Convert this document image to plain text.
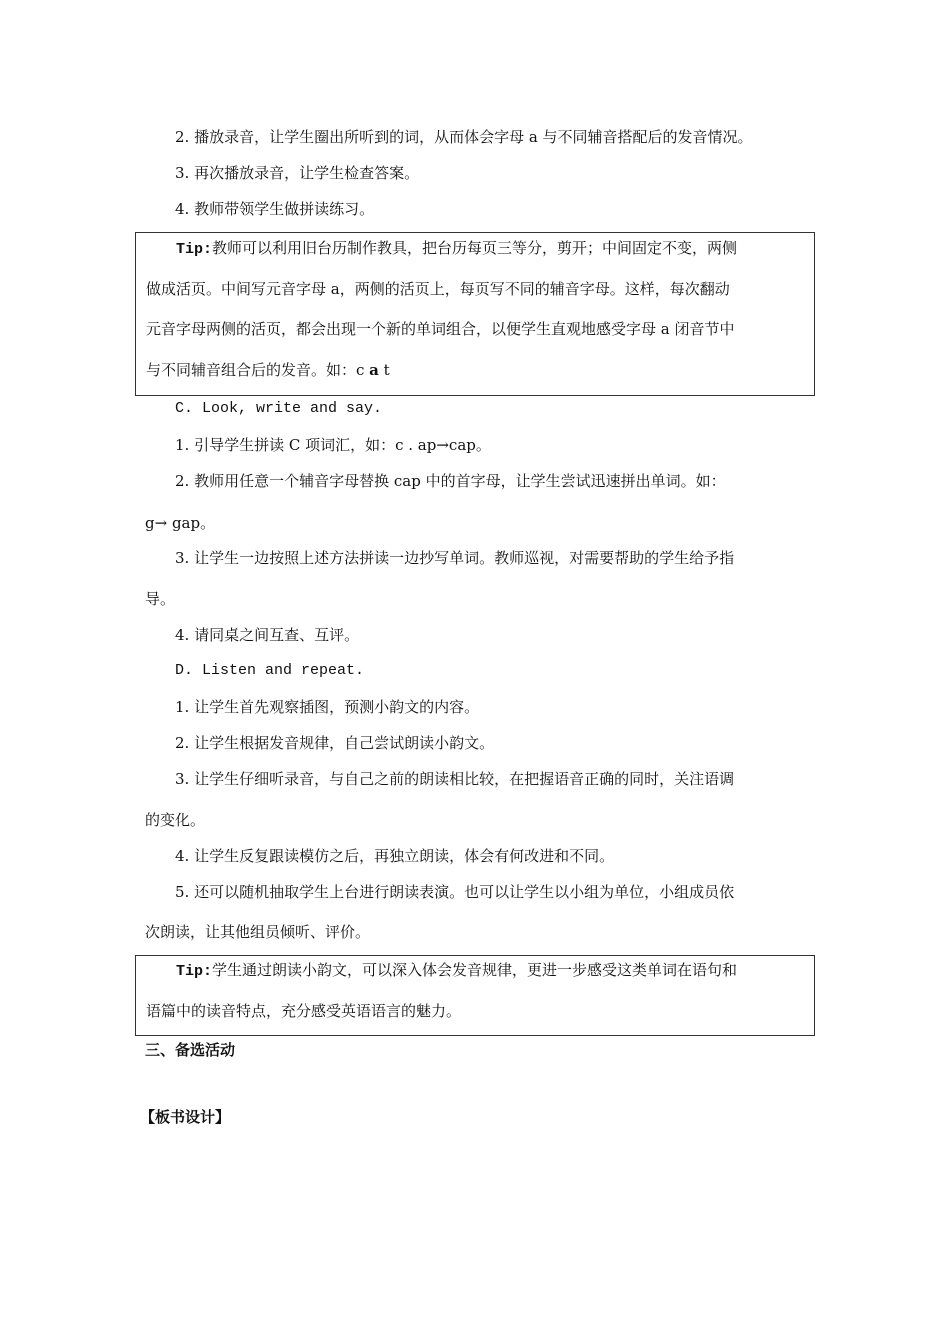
2. 播放录音，让学生圈出所听到的词，从而体会字母 a 与不同辅音搭配后的发音情况。
3. 再次播放录音，让学生检查答案。
4. 教师带领学生做拼读练习。
Tip:教师可以利用旧台历制作教具，把台历每页三等分，剪开；中间固定不变，两侧
做成活页。中间写元音字母 a，两侧的活页上，每页写不同的辅音字母。这样，每次翻动
元音字母两侧的活页，都会出现一个新的单词组合，以便学生直观地感受字母 a 闭音节中
与不同辅音组合后的发音。如：c a t
C. Look, write and say.
1. 引导学生拼读 C 项词汇，如：c . ap→cap。
2. 教师用任意一个辅音字母替换 cap 中的首字母，让学生尝试迅速拼出单词。如：
g→ gap。
3. 让学生一边按照上述方法拼读一边抄写单词。教师巡视，对需要帮助的学生给予指
导。
4. 请同桌之间互查、互评。
D. Listen and repeat.
1. 让学生首先观察插图，预测小韵文的内容。
2. 让学生根据发音规律，自己尝试朗读小韵文。
3. 让学生仔细听录音，与自己之前的朗读相比较，在把握语音正确的同时，关注语调
的变化。
4. 让学生反复跟读模仿之后，再独立朗读，体会有何改进和不同。
5. 还可以随机抽取学生上台进行朗读表演。也可以让学生以小组为单位，小组成员依
次朗读，让其他组员倾听、评价。
Tip:学生通过朗读小韵文，可以深入体会发音规律，更进一步感受这类单词在语句和
语篇中的读音特点，充分感受英语语言的魅力。
三、备选活动
【板书设计】
